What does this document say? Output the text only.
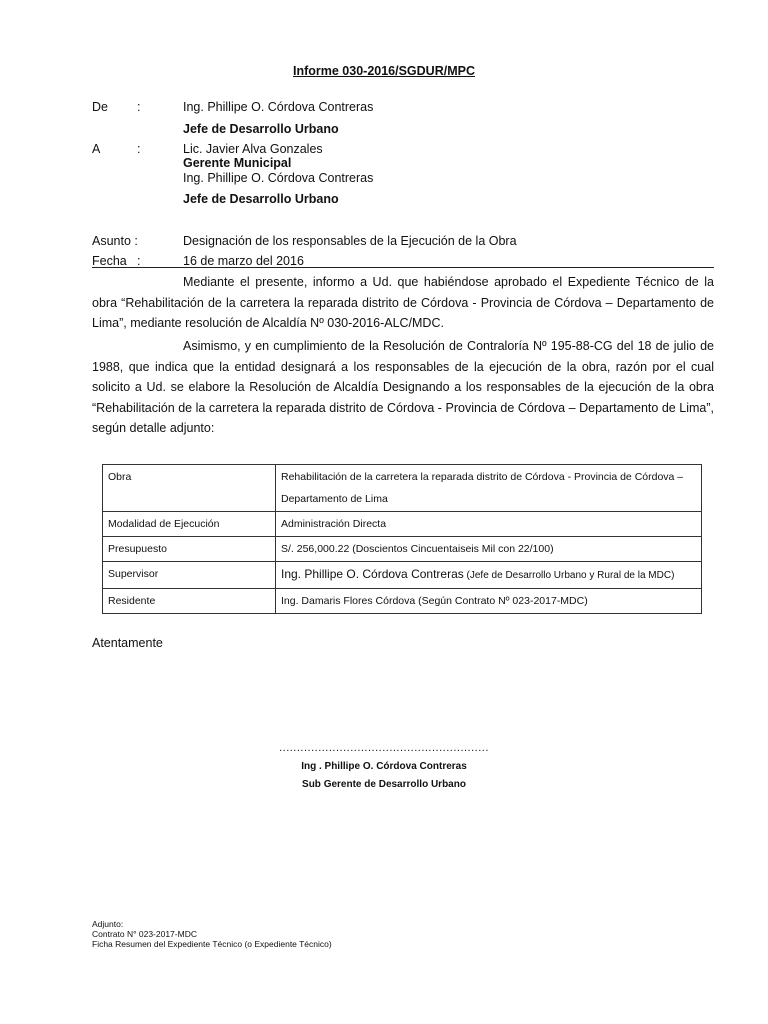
Informe 030-2016/SGDUR/MPC
De :	Ing. Phillipe O. Córdova Contreras
Jefe de Desarrollo Urbano
A	:	Lic. Javier Alva Gonzales
Gerente Municipal
Ing. Phillipe O. Córdova Contreras
Jefe de Desarrollo Urbano
Asunto :	Designación de los responsables de la Ejecución de la Obra
Fecha :	16 de marzo del 2016

Mediante el presente, informo a Ud. que habiéndose aprobado el Expediente Técnico de la obra “Rehabilitación de la carretera la reparada distrito de Córdova - Provincia de Córdova – Departamento de Lima”, mediante resolución de Alcaldía Nº 030-2016-ALC/MDC.

Asimismo, y en cumplimiento de la Resolución de Contraloría Nº 195-88-CG del 18 de julio de 1988, que indica que la entidad designará a los responsables de la ejecución de la obra, razón por el cual solicito a Ud. se elabore la Resolución de Alcaldía Designando a los responsables de la ejecución de la obra “Rehabilitación de la carretera la reparada distrito de Córdova - Provincia de Córdova – Departamento de Lima”, según detalle adjunto:

Obra	Rehabilitación de la carretera la reparada distrito de Córdova - Provincia de Córdova – Departamento de Lima
Modalidad de Ejecución	Administración Directa
Presupuesto	S/. 256,000.22 (Doscientos Cincuentaiseis Mil con 22/100)
Supervisor	Ing. Phillipe O. Córdova Contreras (Jefe de Desarrollo Urbano y Rural de la MDC)
Residente	Ing. Damaris Flores Córdova (Según Contrato Nº 023-2017-MDC)
Atentamente
...........................................................
Ing . Phillipe O. Córdova Contreras
Sub Gerente de Desarrollo Urbano
Adjunto:
Contrato N° 023-2017-MDC
Ficha Resumen del Expediente Técnico (o Expediente Técnico)
